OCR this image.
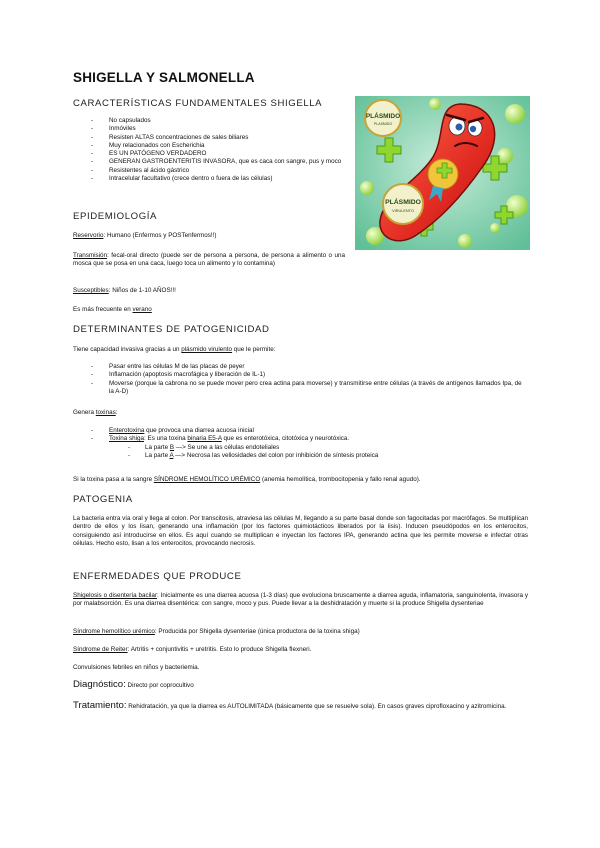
SHIGELLA Y SALMONELLA
CARACTERÍSTICAS FUNDAMENTALES SHIGELLA
- No capsulados
- Inmóviles
- Resisten ALTAS concentraciones de sales biliares
- Muy relacionados con Escherichia
- ES UN PATÓGENO VERDADERO
- GENERAN GASTROENTERITIS INVASORA, que es caca con sangre, pus y moco
- Resistentes al ácido gástrico
- Intracelular facultativo (crece dentro o fuera de las células)
EPIDEMIOLOGÍA

Reservorio: Humano (Enfermos y POSTenfermos!!)

Transmisión: fecal-oral directo (puede ser de persona a persona, de persona a alimento o una mosca que se posa en una caca, luego toca un alimento y lo contamina)

Susceptibles: Niños de 1-10 AÑOS!!!

Es más frecuente en verano

DETERMINANTES DE PATOGENICIDAD

Tiene capacidad invasiva gracias a un plásmido virulento que le permite:

- Pasar entre las células M de las placas de peyer
- Inflamación (apoptosis macrofágica y liberación de IL-1)
- Moverse (porque la cabrona no se puede mover pero crea actina para moverse) y transmitirse entre células (a través de antígenos llamados Ipa, de la A-D)

Genera toxinas:

- Enterotoxina que provoca una diarrea acuosa inicial
- Toxina shiga: Es una toxina binaria E5-A que es enterotóxica, citotóxica y neurotóxica.
- La parte B —> Se une a las células endoteliales
- La parte A —> Necrosa las vellosidades del colon por inhibición de síntesis proteica

Si la toxina pasa a la sangre SÍNDROME HEMOLÍTICO URÉMICO (anemia hemolítica, trombocitopenia y fallo renal agudo).

PATOGENIA

La bacteria entra vía oral y llega al colon. Por transcitosis, atraviesa las células M, llegando a su parte basal donde son fagocitadas por macrófagos. Se multiplican dentro de ellos y los lisan, generando una inflamación (por los factores quimiotácticos liberados por la lisis). Inducen pseudópodos en los enterocitos, consiguiendo así introducirse en ellos. Es aquí cuando se multiplican e inyectan los factores IPA, generando actina que les permite moverse e infectar otras células. Hecho esto, lisan a los enterocitos, provocando necrosis.

ENFERMEDADES QUE PRODUCE

Shigelosis o disentería bacilar: Inicialmente es una diarrea acuosa (1-3 días) que evoluciona bruscamente a diarrea aguda, inflamatoria, sanguinolenta, invasora y por malabsorción. Es una diarrea disentérica: con sangre, moco y pus. Puede llevar a la deshidratación y muerte si la produce Shigella dysenteriae

Síndrome hemolítico urémico: Producida por Shigella dysenteriae (única productora de la toxina shiga)

Síndrome de Reiter: Artritis + conjuntivitis + uretritis. Esto lo produce Shigella flexneri.

Convulsiones febriles en niños y bacteriemia.

Diagnóstico: Directo por coprocultivo

Tratamiento: Rehidratación, ya que la diarrea es AUTOLIMITADA (básicamente que se resuelve sola). En casos graves ciprofloxacino y azitromicina.

PLÁSMIDO
PLASMIDO
PLÁSMIDO
VIRULENTO
